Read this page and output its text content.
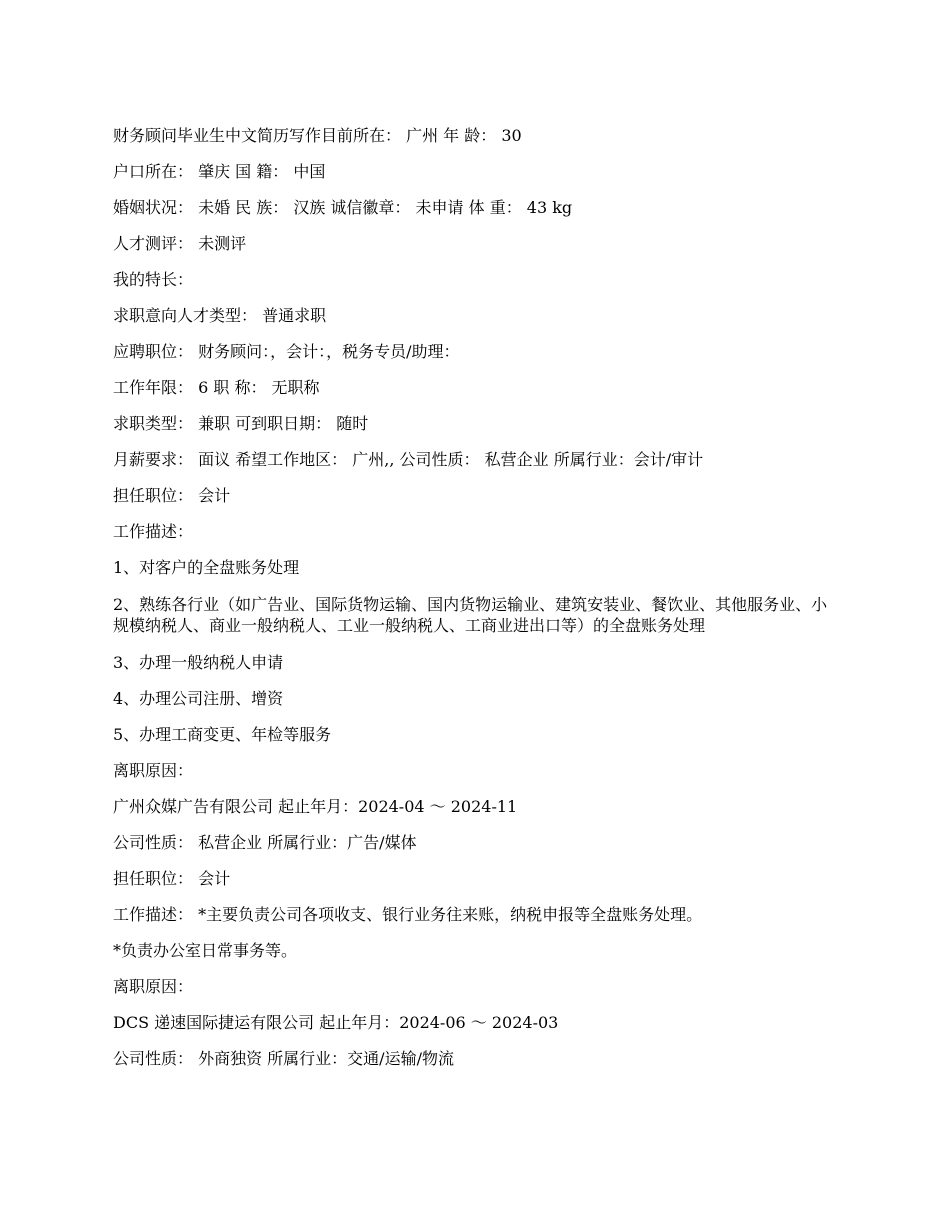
财务顾问毕业生中文简历写作目前所在： 广州 年 龄： 30

户口所在： 肇庆 国 籍： 中国

婚姻状况： 未婚 民 族： 汉族 诚信徽章： 未申请 体 重： 43 kg

人才测评： 未测评

我的特长：

求职意向人才类型： 普通求职

应聘职位： 财务顾问：，会计：，税务专员/助理：

工作年限： 6 职 称： 无职称

求职类型： 兼职 可到职日期： 随时

月薪要求： 面议 希望工作地区： 广州,, 公司性质： 私营企业 所属行业：会计/审计

担任职位： 会计

工作描述：

1、对客户的全盘账务处理

2、熟练各行业（如广告业、国际货物运输、国内货物运输业、建筑安装业、餐饮业、其他服务业、小规模纳税人、商业一般纳税人、工业一般纳税人、工商业进出口等）的全盘账务处理

3、办理一般纳税人申请

4、办理公司注册、增资

5、办理工商变更、年检等服务

离职原因：

广州众媒广告有限公司 起止年月：2024-04 ～ 2024-11

公司性质： 私营企业 所属行业：广告/媒体

担任职位： 会计

工作描述： *主要负责公司各项收支、银行业务往来账，纳税申报等全盘账务处理。

*负责办公室日常事务等。

离职原因：

DCS 递速国际捷运有限公司 起止年月：2024-06 ～ 2024-03

公司性质： 外商独资 所属行业：交通/运输/物流
